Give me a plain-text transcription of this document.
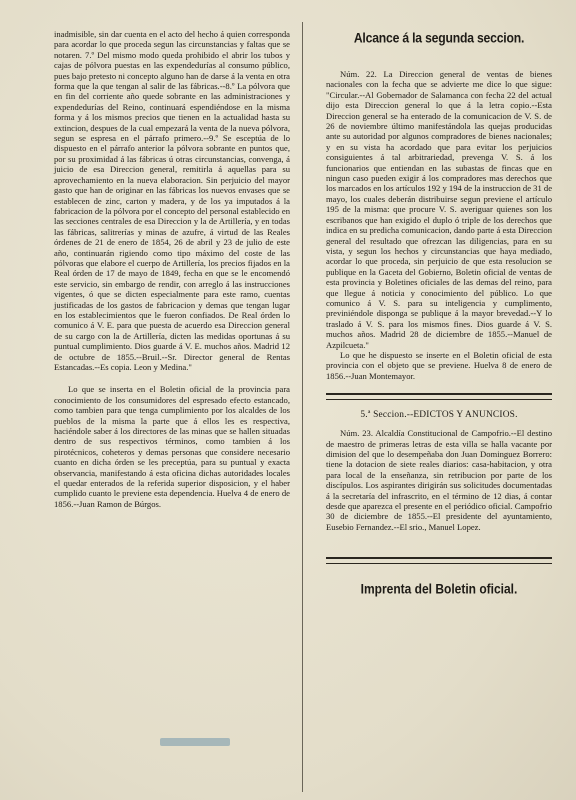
inadmisible, sin dar cuenta en el acto del hecho á quien corresponda para acordar lo que proceda segun las circunstancias y faltas que se notaren. 7.º Del mismo modo queda prohibido el abrir los tubos y cajas de pólvora puestas en las expendedurías al consumo público, pues bajo pretesto ni concepto alguno han de darse á la venta en otra forma que la que tengan al salir de las fábricas.--8.º La pólvora que en fin del corriente año quede sobrante en las administraciones y expendedurías del Reino, continuará espendiéndose en la misma forma y á los mismos precios que tienen en la actualidad hasta su extincion, despues de la cual empezará la venta de la nueva pólvora, segun se espresa en el párrafo primero.--9.º Se esceptúa de lo dispuesto en el párrafo anterior la pólvora sobrante en puntos que, por su proximidad á las fábricas ú otras circunstancias, convenga, á juicio de esa Direccion general, remitirla á aquellas para su aprovechamiento en la nueva elaboracion. Sin perjuicio del mayor gasto que han de originar en las fábricas los nuevos envases que se establecen de zinc, carton y madera, y de los ya imputados á la fabricacion de la pólvora por el concepto del personal establecido en las secciones centrales de esa Direccion y la de Artillería, y en todas las fábricas, salitrerías y minas de azufre, á virtud de las Reales órdenes de 21 de enero de 1854, 26 de abril y 23 de julio de este año, continuarán rigiendo como tipo máximo del coste de las pólvoras que elabore el cuerpo de Artillería, los precios fijados en la Real órden de 17 de mayo de 1849, fecha en que se le encomendó este servicio, sin embargo de rendir, con arreglo á las instrucciones vigentes, ó que se dicten especialmente para este ramo, cuentas justificadas de los gastos de fabricacion y demas que tengan lugar en los establecimientos que le fueron confiados. De Real órden lo comunico á V. E. para que puesta de acuerdo esa Direccion general de su cargo con la de Artillería, dicten las medidas oportunas á su puntual cumplimiento. Dios guarde á V. E. muchos años. Madrid 12 de octubre de 1855.--Bruil.--Sr. Director general de Rentas Estancadas.--Es copia. Leon y Medina."

Lo que se inserta en el Boletin oficial de la provincia para conocimiento de los consumidores del espresado efecto estancado, como tambien para que tenga cumplimiento por los alcaldes de los pueblos de la misma la parte que á ellos les es respectiva, haciéndole saber á los directores de las minas que se hallen situadas dentro de sus respectivos términos, como tambien á los pirotécnicos, coheteros y demas personas que considere necesario cuanto en dicha órden se les preceptúa, para su puntual y exacta observancia, manifestando á esta oficina dichas autoridades locales el quedar enterados de la referida superior disposicion, y el haber cumplido cuanto le previene esta dependencia. Huelva 4 de enero de 1856.--Juan Ramon de Búrgos.

Alcance á la segunda seccion.

Núm. 22. La Direccion general de ventas de bienes nacionales con la fecha que se advierte me dice lo que sigue: "Circular.--Al Gobernador de Salamanca con fecha 22 del actual dijo esta Direccion general lo que á la letra copio.--Esta Direccion general se ha enterado de la comunicacion de V. S. de 26 de noviembre último manifestándola las quejas producidas ante su autoridad por algunos compradores de bienes nacionales; y en su vista ha acordado que para evitar los perjuicios consiguientes á tal arbitrariedad, prevenga V. S. á los funcionarios que entiendan en las subastas de fincas que en ningun caso pueden exigir á los compradores mas derechos que los marcados en los artículos 192 y 194 de la instruccion de 31 de mayo, los cuales deberán distribuirse segun previene el artículo 195 de la misma: que procure V. S. averiguar quienes son los escribanos que han exigido el duplo ó triple de los derechos que indica en su predicha comunicacion, dando parte á esta Direccion general del resultado que ofrezcan las diligencias, para en su vista, y segun los hechos y circunstancias que haya mediado, acordar lo que proceda, sin perjuicio de que esta resolucion se publique en la Gaceta del Gobierno, Boletin oficial de ventas de esta provincia y Boletines oficiales de las demas del reino, para que llegue á noticia y conocimiento del público. Lo que comunico á V. S. para su inteligencia y cumplimento, previniéndole disponga se publique á la mayor brevedad.--Y lo traslado á V. S. para los mismos fines. Dios guarde á V. S. muchos años. Madrid 28 de diciembre de 1855.--Manuel de Azpilcueta."

Lo que he dispuesto se inserte en el Boletin oficial de esta provincia con el objeto que se previene. Huelva 8 de enero de 1856.--Juan Montemayor.

5.ª Seccion.--EDICTOS Y ANUNCIOS.

Núm. 23. Alcaldía Constitucional de Campofrio.--El destino de maestro de primeras letras de esta villa se halla vacante por dimision del que lo desempeñaba don Juan Dominguez Borrero: tiene la dotacion de siete reales diarios: casa-habitacion, y otra para local de la enseñanza, sin retribucion por parte de los discípulos. Los aspirantes dirigirán sus solicitudes documentadas á la secretaría del infrascrito, en el término de 12 dias, á contar desde que aparezca el presente en el periódico oficial. Campofrio 30 de diciembre de 1855.--El presidente del ayuntamiento, Eusebio Fernandez.--El srio., Manuel Lopez.

Imprenta del Boletin oficial.
